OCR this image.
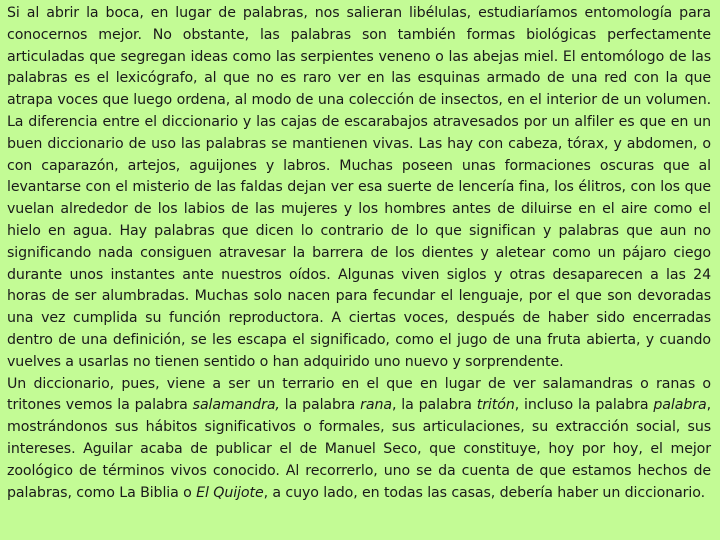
Si al abrir la boca, en lugar de palabras, nos salieran libélulas, estudiaríamos entomología para conocernos mejor. No obstante, las palabras son también formas biológicas perfectamente articuladas que segregan ideas como las serpientes veneno o las abejas miel. El entomólogo de las palabras es el lexicógrafo, al que no es raro ver en las esquinas armado de una red con la que atrapa voces que luego ordena, al modo de una colección de insectos, en el interior de un volumen. La diferencia entre el diccionario y las cajas de escarabajos atravesados por un alfiler es que en un buen diccionario de uso las palabras se mantienen vivas. Las hay con cabeza, tórax, y abdomen, o con caparazón, artejos, aguijones y labros. Muchas poseen unas formaciones oscuras que al levantarse con el misterio de las faldas dejan ver esa suerte de lencería fina, los élitros, con los que vuelan alrededor de los labios de las mujeres y los hombres antes de diluirse en el aire como el hielo en agua. Hay palabras que dicen lo contrario de lo que significan y palabras que aun no significando nada consiguen atravesar la barrera de los dientes y aletear como un pájaro ciego durante unos instantes ante nuestros oídos. Algunas viven siglos y otras desaparecen a las 24 horas de ser alumbradas. Muchas solo nacen para fecundar el lenguaje, por el que son devoradas una vez cumplida su función reproductora. A ciertas voces, después de haber sido encerradas dentro de una definición, se les escapa el significado, como el jugo de una fruta abierta, y cuando vuelves a usarlas no tienen sentido o han adquirido uno nuevo y sorprendente.

Un diccionario, pues, viene a ser un terrario en el que en lugar de ver salamandras o ranas o tritones vemos la palabra salamandra, la palabra rana, la palabra tritón, incluso la palabra palabra, mostrándonos sus hábitos significativos o formales, sus articulaciones, su extracción social, sus intereses. Aguilar acaba de publicar el de Manuel Seco, que constituye, hoy por hoy, el mejor zoológico de términos vivos conocido. Al recorrerlo, uno se da cuenta de que estamos hechos de palabras, como La Biblia o El Quijote, a cuyo lado, en todas las casas, debería haber un diccionario.
